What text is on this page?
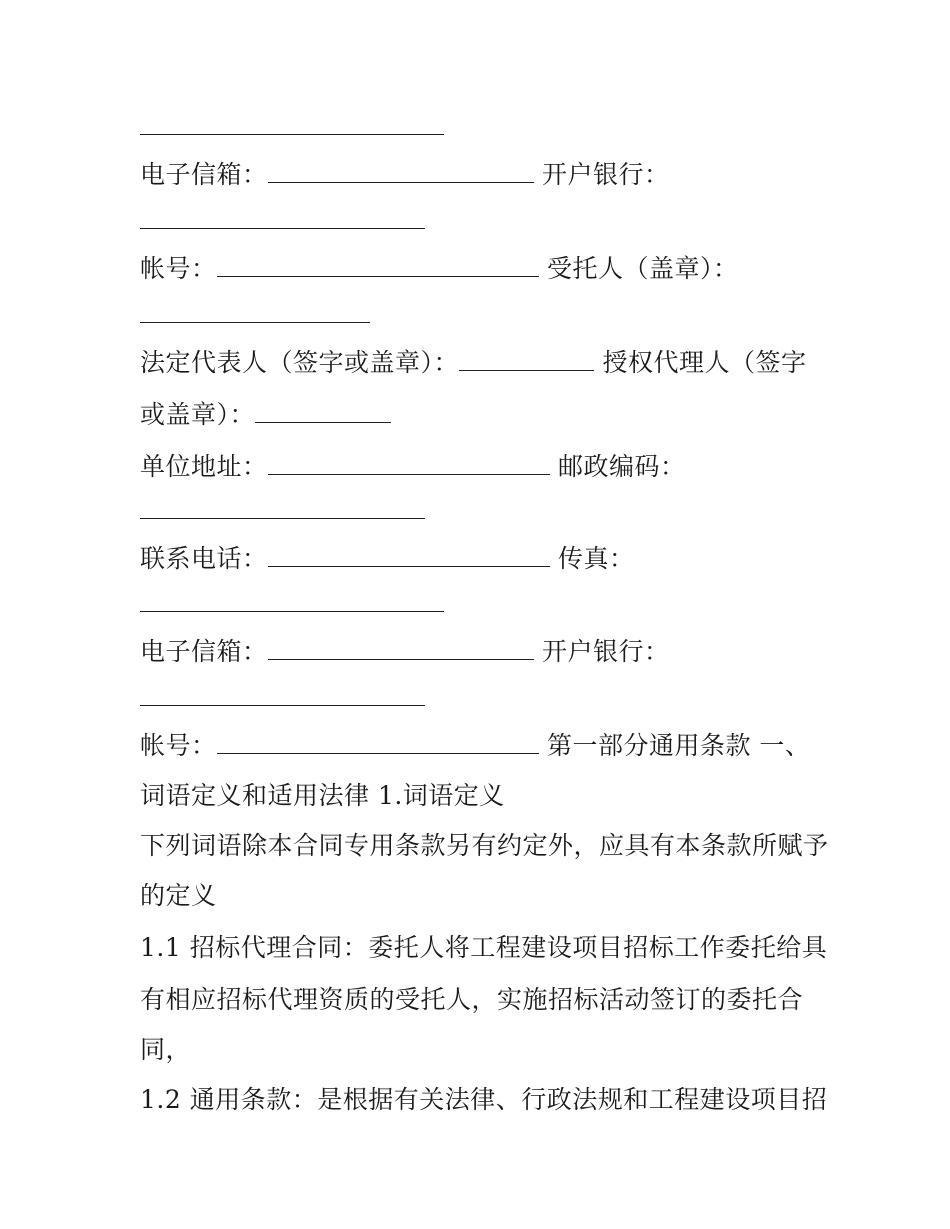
电子信箱：	开户银行：
帐号：	受托人（盖章）：
法定代表人（签字或盖章）：	授权代理人（签字
或盖章）：
单位地址：	邮政编码：
联系电话：	传真：
电子信箱：	开户银行：
帐号：	第一部分通用条款 一、
词语定义和适用法律 1.词语定义
下列词语除本合同专用条款另有约定外，应具有本条款所赋予
的定义
1.1 招标代理合同：委托人将工程建设项目招标工作委托给具
有相应招标代理资质的受托人，实施招标活动签订的委托合
同，
1.2 通用条款：是根据有关法律、行政法规和工程建设项目招
